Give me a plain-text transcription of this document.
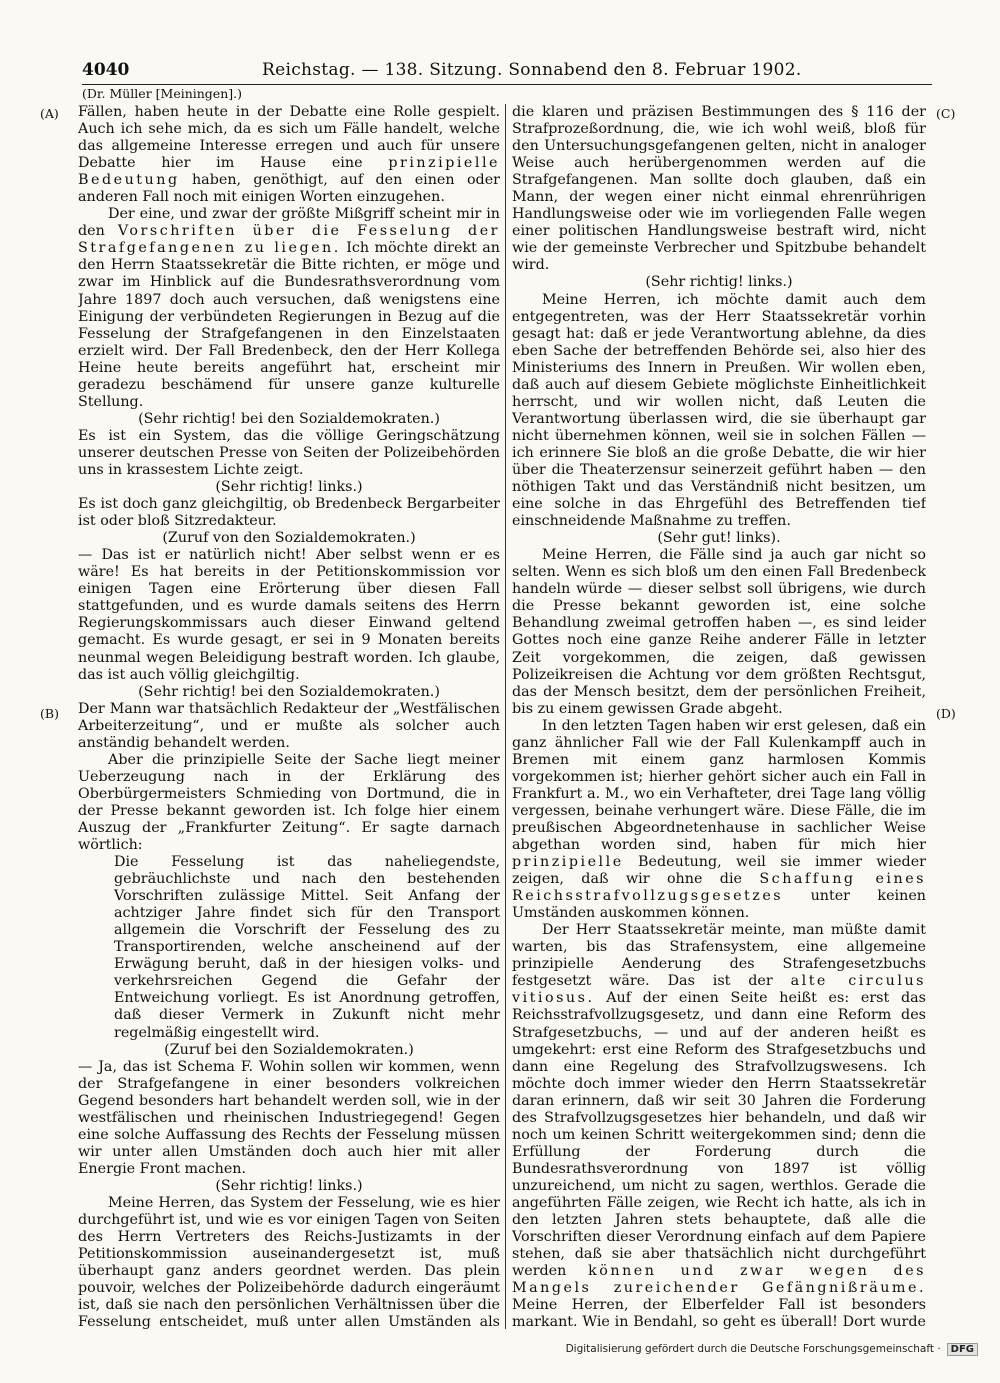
4040	Reichstag. — 138. Sitzung. Sonnabend den 8. Februar 1902.
(Dr. Müller [Meiningen].)
(A)
(B)
(C)
(D)

Fällen, haben heute in der Debatte eine Rolle gespielt. Auch ich sehe mich, da es sich um Fälle handelt, welche das allgemeine Interesse erregen und auch für unsere Debatte hier im Hause eine prinzipielle Bedeutung haben, genöthigt, auf den einen oder anderen Fall noch mit einigen Worten einzugehen.

Der eine, und zwar der größte Mißgriff scheint mir in den Vorschriften über die Fesselung der Strafgefangenen zu liegen. Ich möchte direkt an den Herrn Staatssekretär die Bitte richten, er möge und zwar im Hinblick auf die Bundesrathsverordnung vom Jahre 1897 doch auch versuchen, daß wenigstens eine Einigung der verbündeten Regierungen in Bezug auf die Fesselung der Strafgefangenen in den Einzelstaaten erzielt wird. Der Fall Bredenbeck, den der Herr Kollega Heine heute bereits angeführt hat, erscheint mir geradezu beschämend für unsere ganze kulturelle Stellung.

(Sehr richtig! bei den Sozialdemokraten.)

Es ist ein System, das die völlige Geringschätzung unserer deutschen Presse von Seiten der Polizeibehörden uns in krassestem Lichte zeigt.

(Sehr richtig! links.)

Es ist doch ganz gleichgiltig, ob Bredenbeck Bergarbeiter ist oder bloß Sitzredakteur.

(Zuruf von den Sozialdemokraten.)

— Das ist er natürlich nicht! Aber selbst wenn er es wäre! Es hat bereits in der Petitionskommission vor einigen Tagen eine Erörterung über diesen Fall stattgefunden, und es wurde damals seitens des Herrn Regierungskommissars auch dieser Einwand geltend gemacht. Es wurde gesagt, er sei in 9 Monaten bereits neunmal wegen Beleidigung bestraft worden. Ich glaube, das ist auch völlig gleichgiltig.

(Sehr richtig! bei den Sozialdemokraten.)

Der Mann war thatsächlich Redakteur der „Westfälischen Arbeiterzeitung“, und er mußte als solcher auch anständig behandelt werden.

Aber die prinzipielle Seite der Sache liegt meiner Ueberzeugung nach in der Erklärung des Oberbürgermeisters Schmieding von Dortmund, die in der Presse bekannt geworden ist. Ich folge hier einem Auszug der „Frankfurter Zeitung“. Er sagte darnach wörtlich:

Die Fesselung ist das naheliegendste, gebräuchlichste und nach den bestehenden Vorschriften zulässige Mittel. Seit Anfang der achtziger Jahre findet sich für den Transport allgemein die Vorschrift der Fesselung des zu Transportirenden, welche anscheinend auf der Erwägung beruht, daß in der hiesigen volks- und verkehrsreichen Gegend die Gefahr der Entweichung vorliegt. Es ist Anordnung getroffen, daß dieser Vermerk in Zukunft nicht mehr regelmäßig eingestellt wird.

(Zuruf bei den Sozialdemokraten.)

— Ja, das ist Schema F. Wohin sollen wir kommen, wenn der Strafgefangene in einer besonders volkreichen Gegend besonders hart behandelt werden soll, wie in der westfälischen und rheinischen Industriegegend! Gegen eine solche Auffassung des Rechts der Fesselung müssen wir unter allen Umständen doch auch hier mit aller Energie Front machen.

(Sehr richtig! links.)

Meine Herren, das System der Fesselung, wie es hier durchgeführt ist, und wie es vor einigen Tagen von Seiten des Herrn Vertreters des Reichs-Justizamts in der Petitionskommission auseinandergesetzt ist, muß überhaupt ganz anders geordnet werden. Das plein pouvoir, welches der Polizeibehörde dadurch eingeräumt ist, daß sie nach den persönlichen Verhältnissen über die Fesselung entscheidet, muß unter allen Umständen als

die klaren und präzisen Bestimmungen des § 116 der Strafprozeßordnung, die, wie ich wohl weiß, bloß für den Untersuchungsgefangenen gelten, nicht in analoger Weise auch herübergenommen werden auf die Strafgefangenen. Man sollte doch glauben, daß ein Mann, der wegen einer nicht einmal ehrenrührigen Handlungsweise oder wie im vorliegenden Falle wegen einer politischen Handlungsweise bestraft wird, nicht wie der gemeinste Verbrecher und Spitzbube behandelt wird.

(Sehr richtig! links.)

Meine Herren, ich möchte damit auch dem entgegentreten, was der Herr Staatssekretär vorhin gesagt hat: daß er jede Verantwortung ablehne, da dies eben Sache der betreffenden Behörde sei, also hier des Ministeriums des Innern in Preußen. Wir wollen eben, daß auch auf diesem Gebiete möglichste Einheitlichkeit herrscht, und wir wollen nicht, daß Leuten die Verantwortung überlassen wird, die sie überhaupt gar nicht übernehmen können, weil sie in solchen Fällen — ich erinnere Sie bloß an die große Debatte, die wir hier über die Theaterzensur seinerzeit geführt haben — den nöthigen Takt und das Verständniß nicht besitzen, um eine solche in das Ehrgefühl des Betreffenden tief einschneidende Maßnahme zu treffen.

(Sehr gut! links).

Meine Herren, die Fälle sind ja auch gar nicht so selten. Wenn es sich bloß um den einen Fall Bredenbeck handeln würde — dieser selbst soll übrigens, wie durch die Presse bekannt geworden ist, eine solche Behandlung zweimal getroffen haben —, es sind leider Gottes noch eine ganze Reihe anderer Fälle in letzter Zeit vorgekommen, die zeigen, daß gewissen Polizeikreisen die Achtung vor dem größten Rechtsgut, das der Mensch besitzt, dem der persönlichen Freiheit, bis zu einem gewissen Grade abgeht.

In den letzten Tagen haben wir erst gelesen, daß ein ganz ähnlicher Fall wie der Fall Kulenkampff auch in Bremen mit einem ganz harmlosen Kommis vorgekommen ist; hierher gehört sicher auch ein Fall in Frankfurt a. M., wo ein Verhafteter, drei Tage lang völlig vergessen, beinahe verhungert wäre. Diese Fälle, die im preußischen Abgeordnetenhause in sachlicher Weise abgethan worden sind, haben für mich hier prinzipielle Bedeutung, weil sie immer wieder zeigen, daß wir ohne die Schaffung eines Reichsstrafvollzugsgesetzes unter keinen Umständen auskommen können.

Der Herr Staatssekretär meinte, man müßte damit warten, bis das Strafensystem, eine allgemeine prinzipielle Aenderung des Strafengesetzbuchs festgesetzt wäre. Das ist der alte circulus vitiosus. Auf der einen Seite heißt es: erst das Reichsstrafvollzugsgesetz, und dann eine Reform des Strafgesetzbuchs, — und auf der anderen heißt es umgekehrt: erst eine Reform des Strafgesetzbuchs und dann eine Regelung des Strafvollzugswesens. Ich möchte doch immer wieder den Herrn Staatssekretär daran erinnern, daß wir seit 30 Jahren die Forderung des Strafvollzugsgesetzes hier behandeln, und daß wir noch um keinen Schritt weitergekommen sind; denn die Erfüllung der Forderung durch die Bundesrathsverordnung von 1897 ist völlig unzureichend, um nicht zu sagen, werthlos. Gerade die angeführten Fälle zeigen, wie Recht ich hatte, als ich in den letzten Jahren stets behauptete, daß alle die Vorschriften dieser Verordnung einfach auf dem Papiere stehen, daß sie aber thatsächlich nicht durchgeführt werden können und zwar wegen des Mangels zureichender Gefängnißräume. Meine Herren, der Elberfelder Fall ist besonders markant. Wie in Bendahl, so geht es überall! Dort wurde

Digitalisierung gefördert durch die Deutsche Forschungsgemeinschaft · DFG
